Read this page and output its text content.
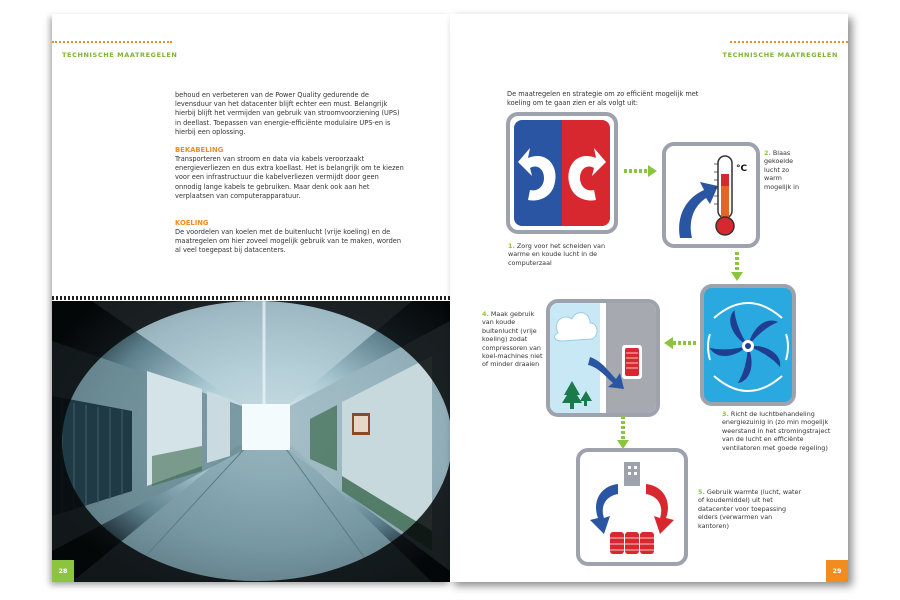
TECHNISCHE MAATREGELEN

behoud en verbeteren van de Power Quality gedurende de levensduur van het datacenter blijft echter een must. Belangrijk hierbij blijft het vermijden van gebruik van stroomvoorziening (UPS) in deellast. Toepassen van energie-efficiënte modulaire UPS-en is hierbij een oplossing.

BEKABELING

Transporteren van stroom en data via kabels veroorzaakt energieverliezen en dus extra koellast. Het is belangrijk om te kiezen voor een infrastructuur die kabelverliezen vermijdt door geen onnodig lange kabels te gebruiken. Maar denk ook aan het verplaatsen van computerapparatuur.

KOELING

De voordelen van koelen met de buitenlucht (vrije koeling) en de maatregelen om hier zoveel mogelijk gebruik van te maken, worden al veel toegepast bij datacenters.

28
TECHNISCHE MAATREGELEN

De maatregelen en strategie om zo efficiënt mogelijk met koeling om te gaan zien er als volgt uit:

°C

2. Blaas gekoelde lucht zo warm mogelijk in

1. Zorg voor het scheiden van warme en koude lucht in de computerzaal

3. Richt de luchtbehandeling energiezuinig in (zo min mogelijk weerstand in het stromingstraject van de lucht en efficiënte ventilatoren met goede regeling)

4. Maak gebruik van koude buitenlucht (vrije koeling) zodat compressoren van koel-machines niet of minder draaien

5. Gebruik warmte (lucht, water of koudemiddel) uit het datacenter voor toepassing elders (verwarmen van kantoren)

29
